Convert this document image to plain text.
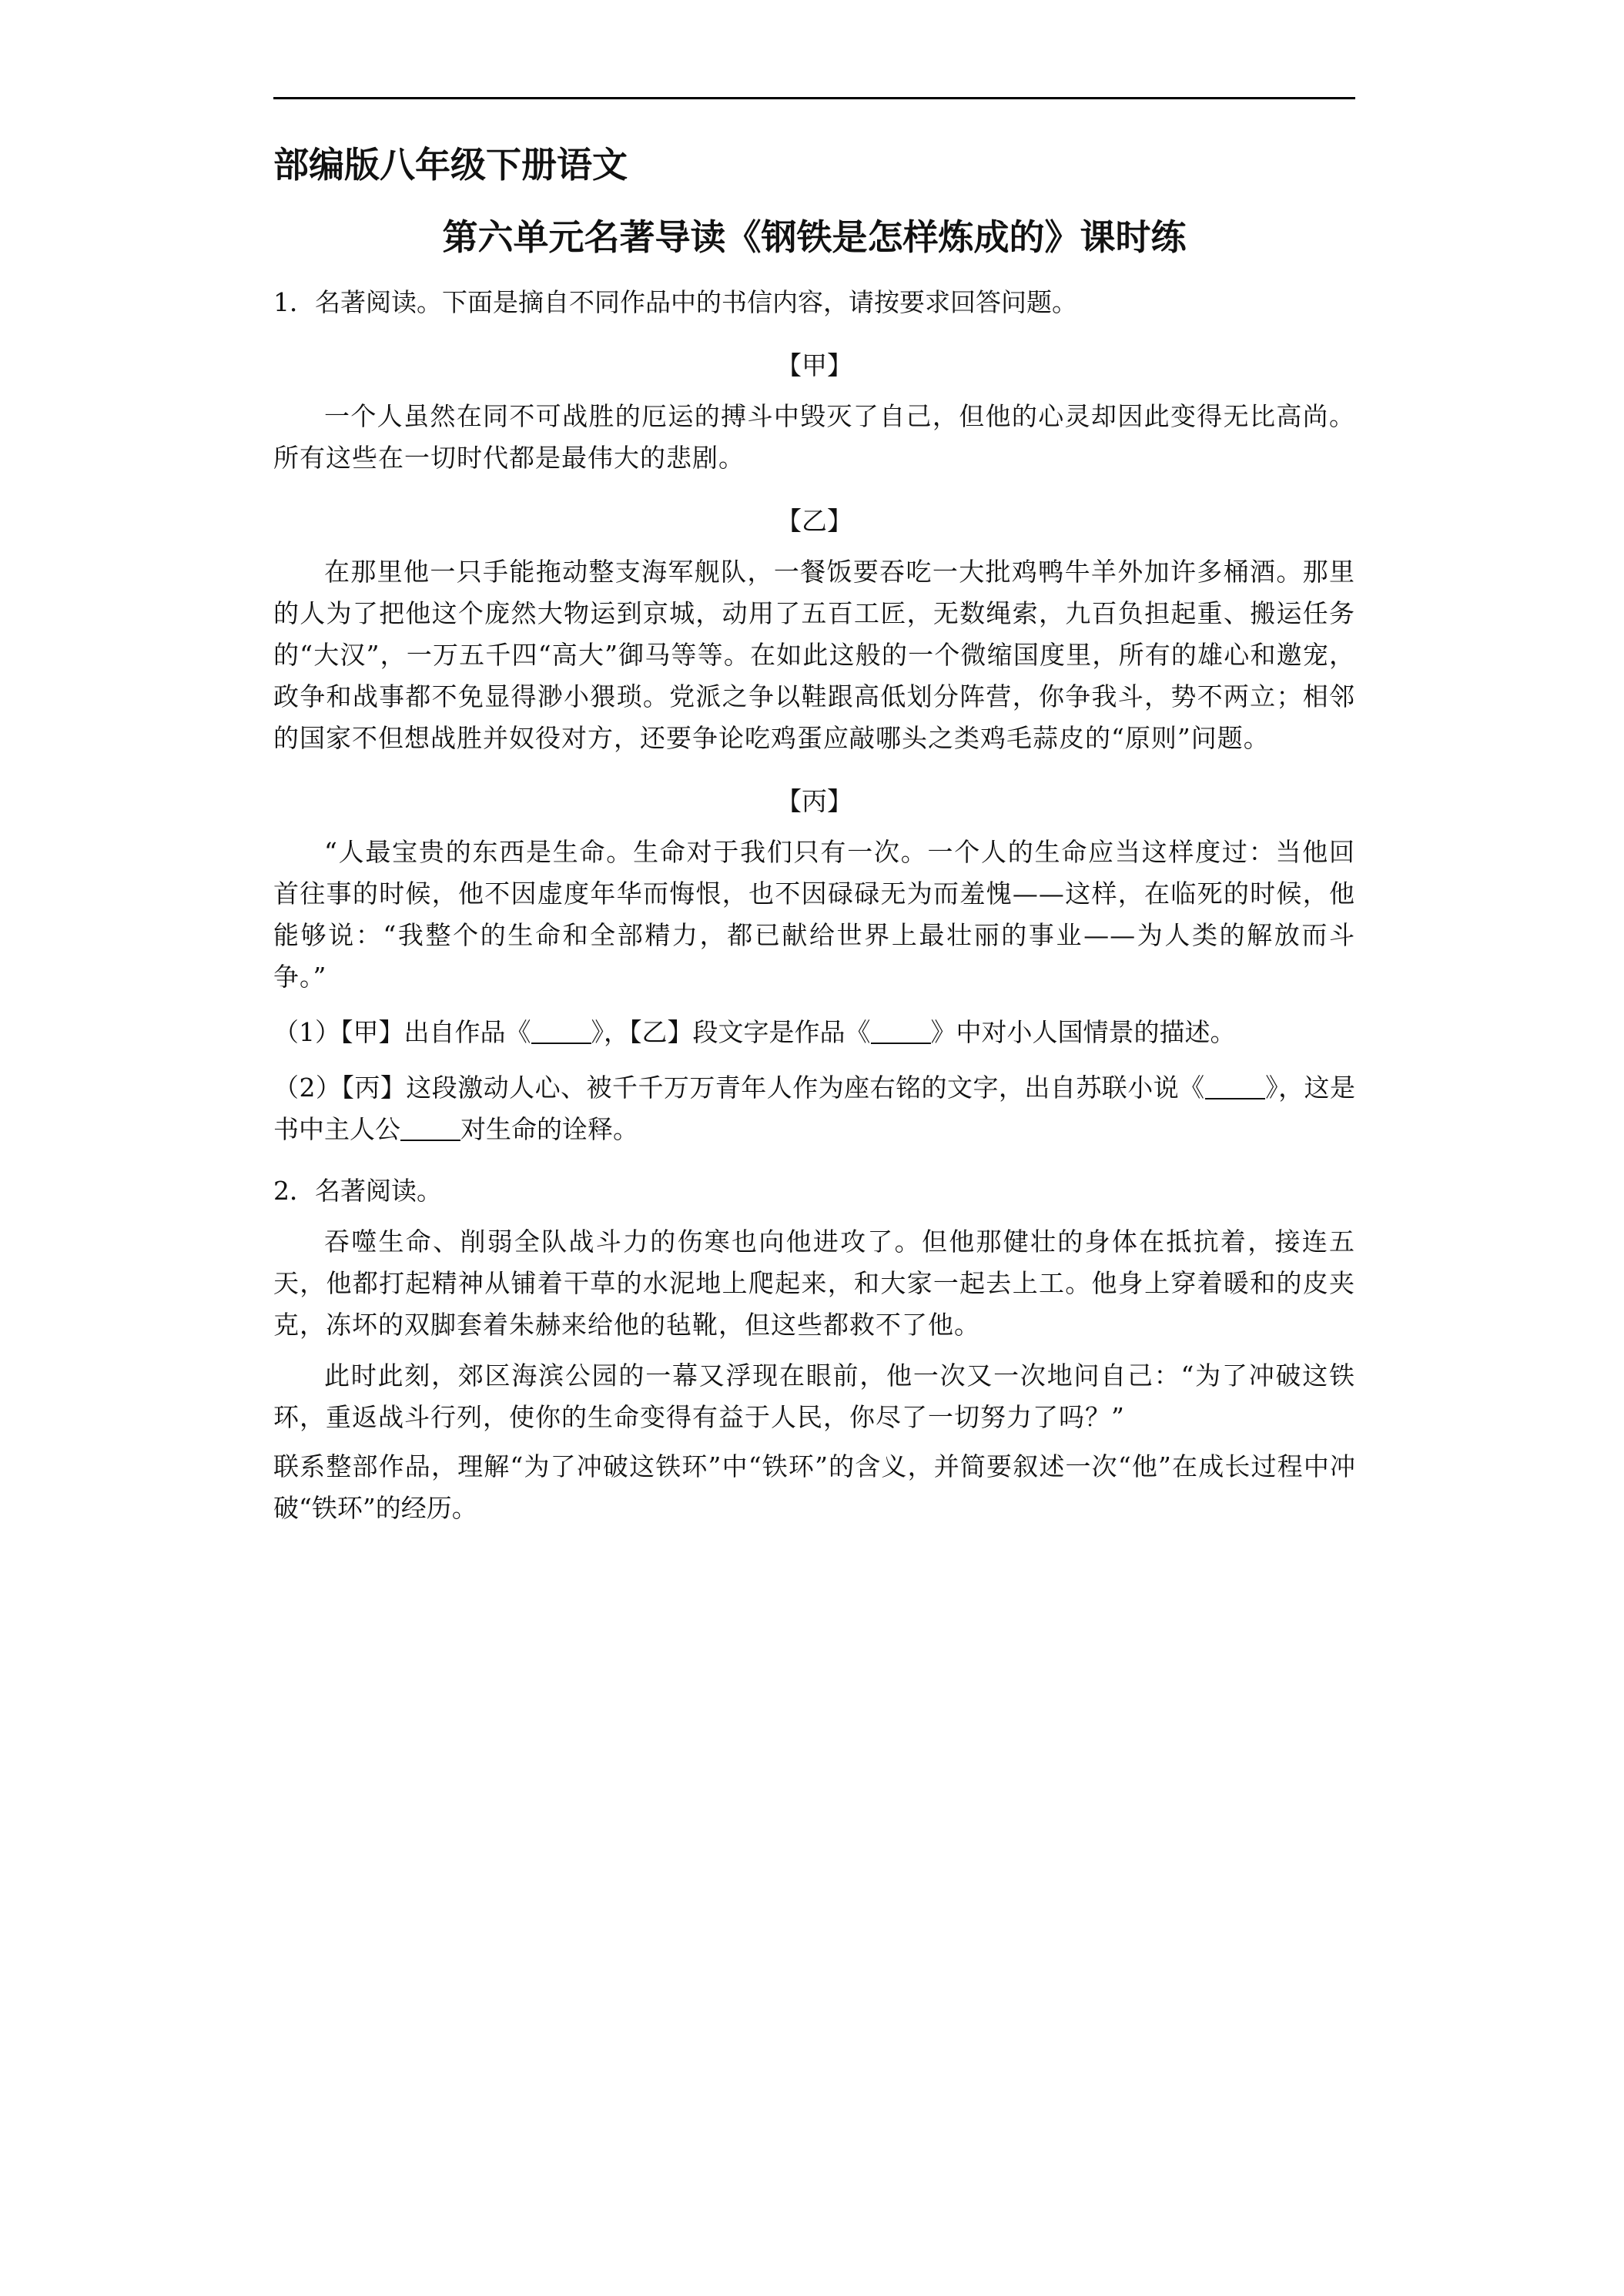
部编版八年级下册语文
第六单元名著导读《钢铁是怎样炼成的》课时练
1．名著阅读。下面是摘自不同作品中的书信内容，请按要求回答问题。
【甲】
一个人虽然在同不可战胜的厄运的搏斗中毁灭了自己，但他的心灵却因此变得无比高尚。所有这些在一切时代都是最伟大的悲剧。
【乙】
在那里他一只手能拖动整支海军舰队，一餐饭要吞吃一大批鸡鸭牛羊外加许多桶酒。那里的人为了把他这个庞然大物运到京城，动用了五百工匠，无数绳索，九百负担起重、搬运任务的“大汉”，一万五千四“高大”御马等等。在如此这般的一个微缩国度里，所有的雄心和邀宠，政争和战事都不免显得渺小猥琐。党派之争以鞋跟高低划分阵营，你争我斗，势不两立；相邻的国家不但想战胜并奴役对方，还要争论吃鸡蛋应敲哪头之类鸡毛蒜皮的“原则”问题。
【丙】
“人最宝贵的东西是生命。生命对于我们只有一次。一个人的生命应当这样度过：当他回首往事的时候，他不因虚度年华而悔恨，也不因碌碌无为而羞愧——这样，在临死的时候，他能够说：“我整个的生命和全部精力，都已献给世界上最壮丽的事业——为人类的解放而斗争。”
（1）【甲】出自作品《 》，【乙】段文字是作品《 》中对小人国情景的描述。
（2）【丙】这段激动人心、被千千万万青年人作为座右铭的文字，出自苏联小说《 》，这是书中主人公 对生命的诠释。
2．名著阅读。
吞噬生命、削弱全队战斗力的伤寒也向他进攻了。但他那健壮的身体在抵抗着，接连五天，他都打起精神从铺着干草的水泥地上爬起来，和大家一起去上工。他身上穿着暖和的皮夹克，冻坏的双脚套着朱赫来给他的毡靴，但这些都救不了他。
此时此刻，郊区海滨公园的一幕又浮现在眼前，他一次又一次地问自己：“为了冲破这铁环，重返战斗行列，使你的生命变得有益于人民，你尽了一切努力了吗？”
联系整部作品，理解“为了冲破这铁环”中“铁环”的含义，并简要叙述一次“他”在成长过程中冲破“铁环”的经历。
